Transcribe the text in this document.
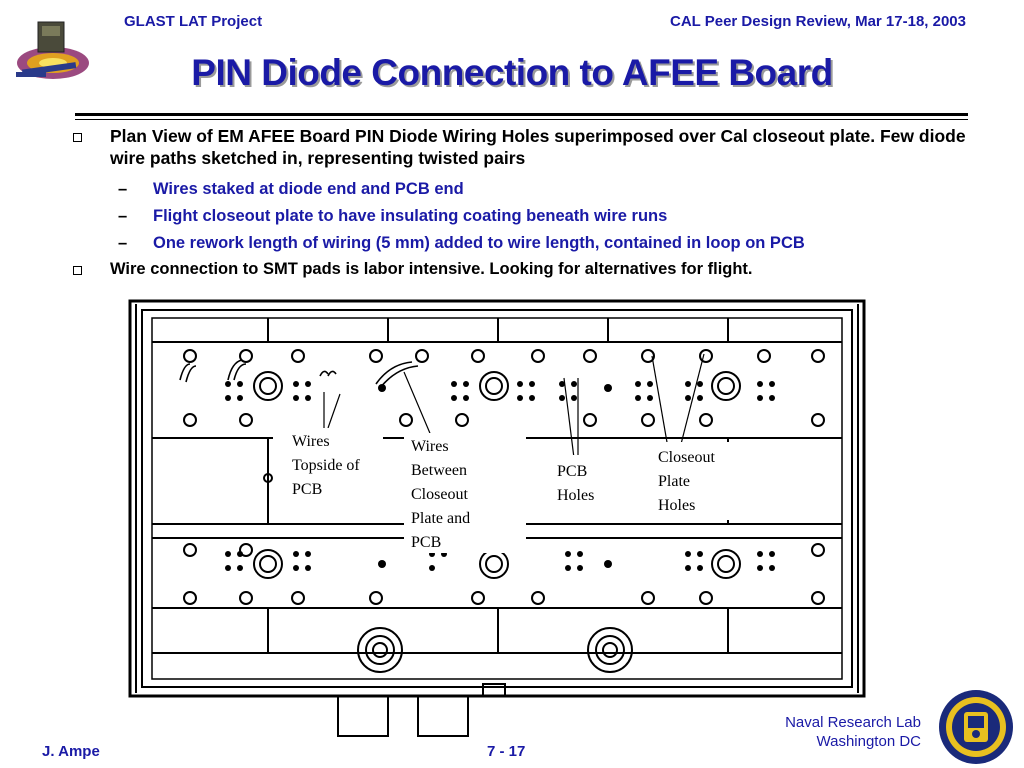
GLAST LAT Project	CAL Peer Design Review, Mar 17-18, 2003
PIN Diode Connection to AFEE Board
Plan View of EM AFEE Board PIN Diode Wiring Holes superimposed over Cal closeout plate. Few diode wire paths sketched in, representing twisted pairs
– Wires staked at diode end and PCB end
– Flight closeout plate to have insulating coating beneath wire runs
– One rework length of wiring (5 mm) added to wire length, contained in loop on PCB
Wire connection to SMT pads is labor intensive. Looking for alternatives for flight.
Wires
Topside of
PCB
Wires
Between
Closeout
Plate and
PCB
PCB
Holes
Closeout
Plate
Holes
J. Ampe	7 - 17
Naval Research Lab
Washington DC
